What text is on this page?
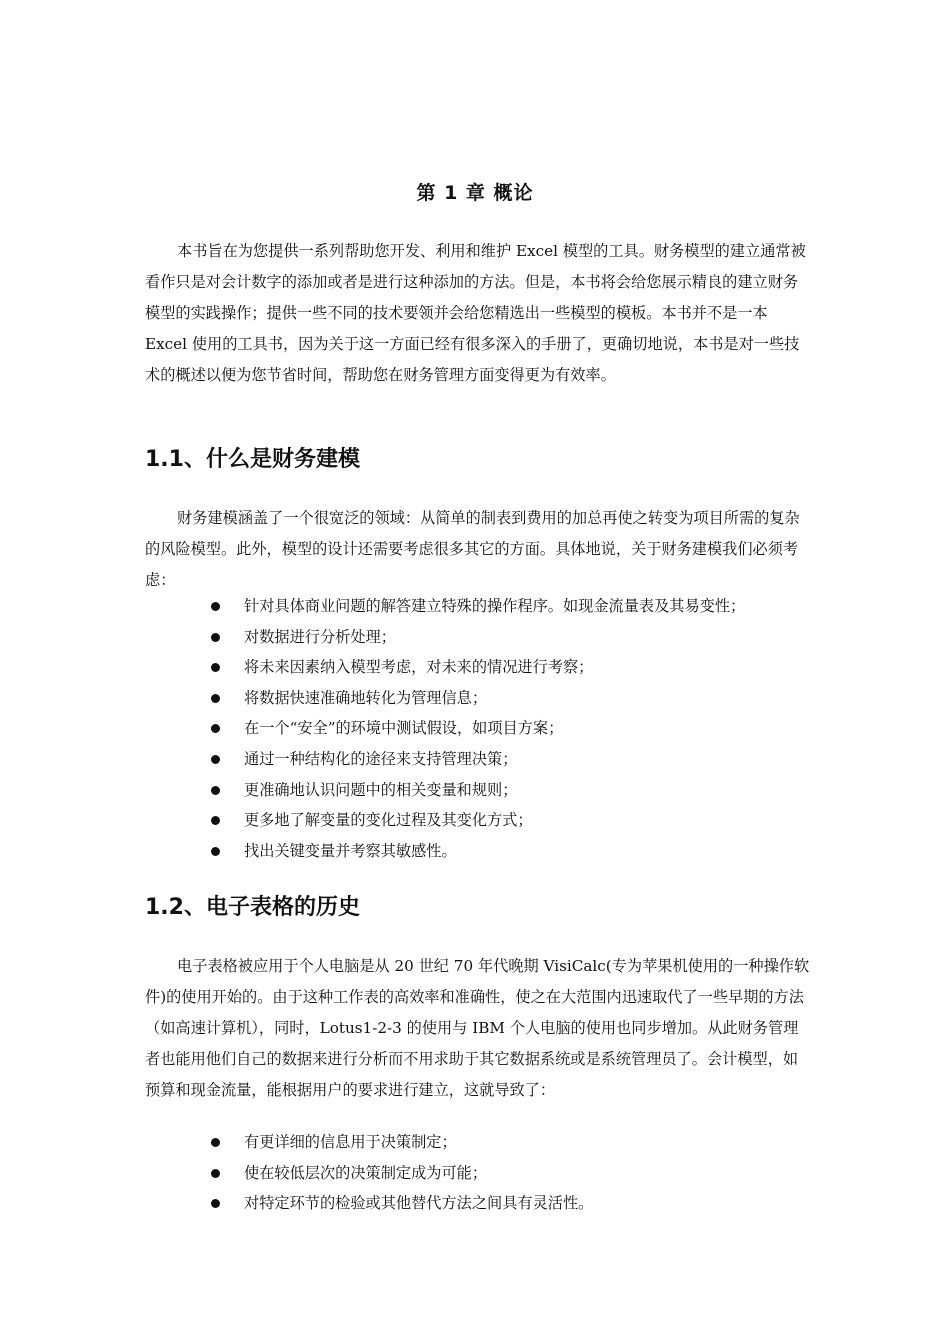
第 1 章 概论

本书旨在为您提供一系列帮助您开发、利用和维护 Excel 模型的工具。财务模型的建立通常被看作只是对会计数字的添加或者是进行这种添加的方法。但是，本书将会给您展示精良的建立财务模型的实践操作；提供一些不同的技术要领并会给您精选出一些模型的模板。本书并不是一本 Excel 使用的工具书，因为关于这一方面已经有很多深入的手册了，更确切地说，本书是对一些技术的概述以便为您节省时间，帮助您在财务管理方面变得更为有效率。

1.1、什么是财务建模

财务建模涵盖了一个很宽泛的领域：从简单的制表到费用的加总再使之转变为项目所需的复杂的风险模型。此外，模型的设计还需要考虑很多其它的方面。具体地说，关于财务建模我们必须考虑：

针对具体商业问题的解答建立特殊的操作程序。如现金流量表及其易变性；
对数据进行分析处理；
将未来因素纳入模型考虑，对未来的情况进行考察；
将数据快速准确地转化为管理信息；
在一个“安全”的环境中测试假设，如项目方案；
通过一种结构化的途径来支持管理决策；
更准确地认识问题中的相关变量和规则；
更多地了解变量的变化过程及其变化方式；
找出关键变量并考察其敏感性。
1.2、电子表格的历史

电子表格被应用于个人电脑是从 20 世纪 70 年代晚期 VisiCalc(专为苹果机使用的一种操作软件)的使用开始的。由于这种工作表的高效率和准确性，使之在大范围内迅速取代了一些早期的方法（如高速计算机），同时，Lotus1-2-3 的使用与 IBM 个人电脑的使用也同步增加。从此财务管理者也能用他们自己的数据来进行分析而不用求助于其它数据系统或是系统管理员了。会计模型，如预算和现金流量，能根据用户的要求进行建立，这就导致了：

有更详细的信息用于决策制定；
使在较低层次的决策制定成为可能；
对特定环节的检验或其他替代方法之间具有灵活性。
